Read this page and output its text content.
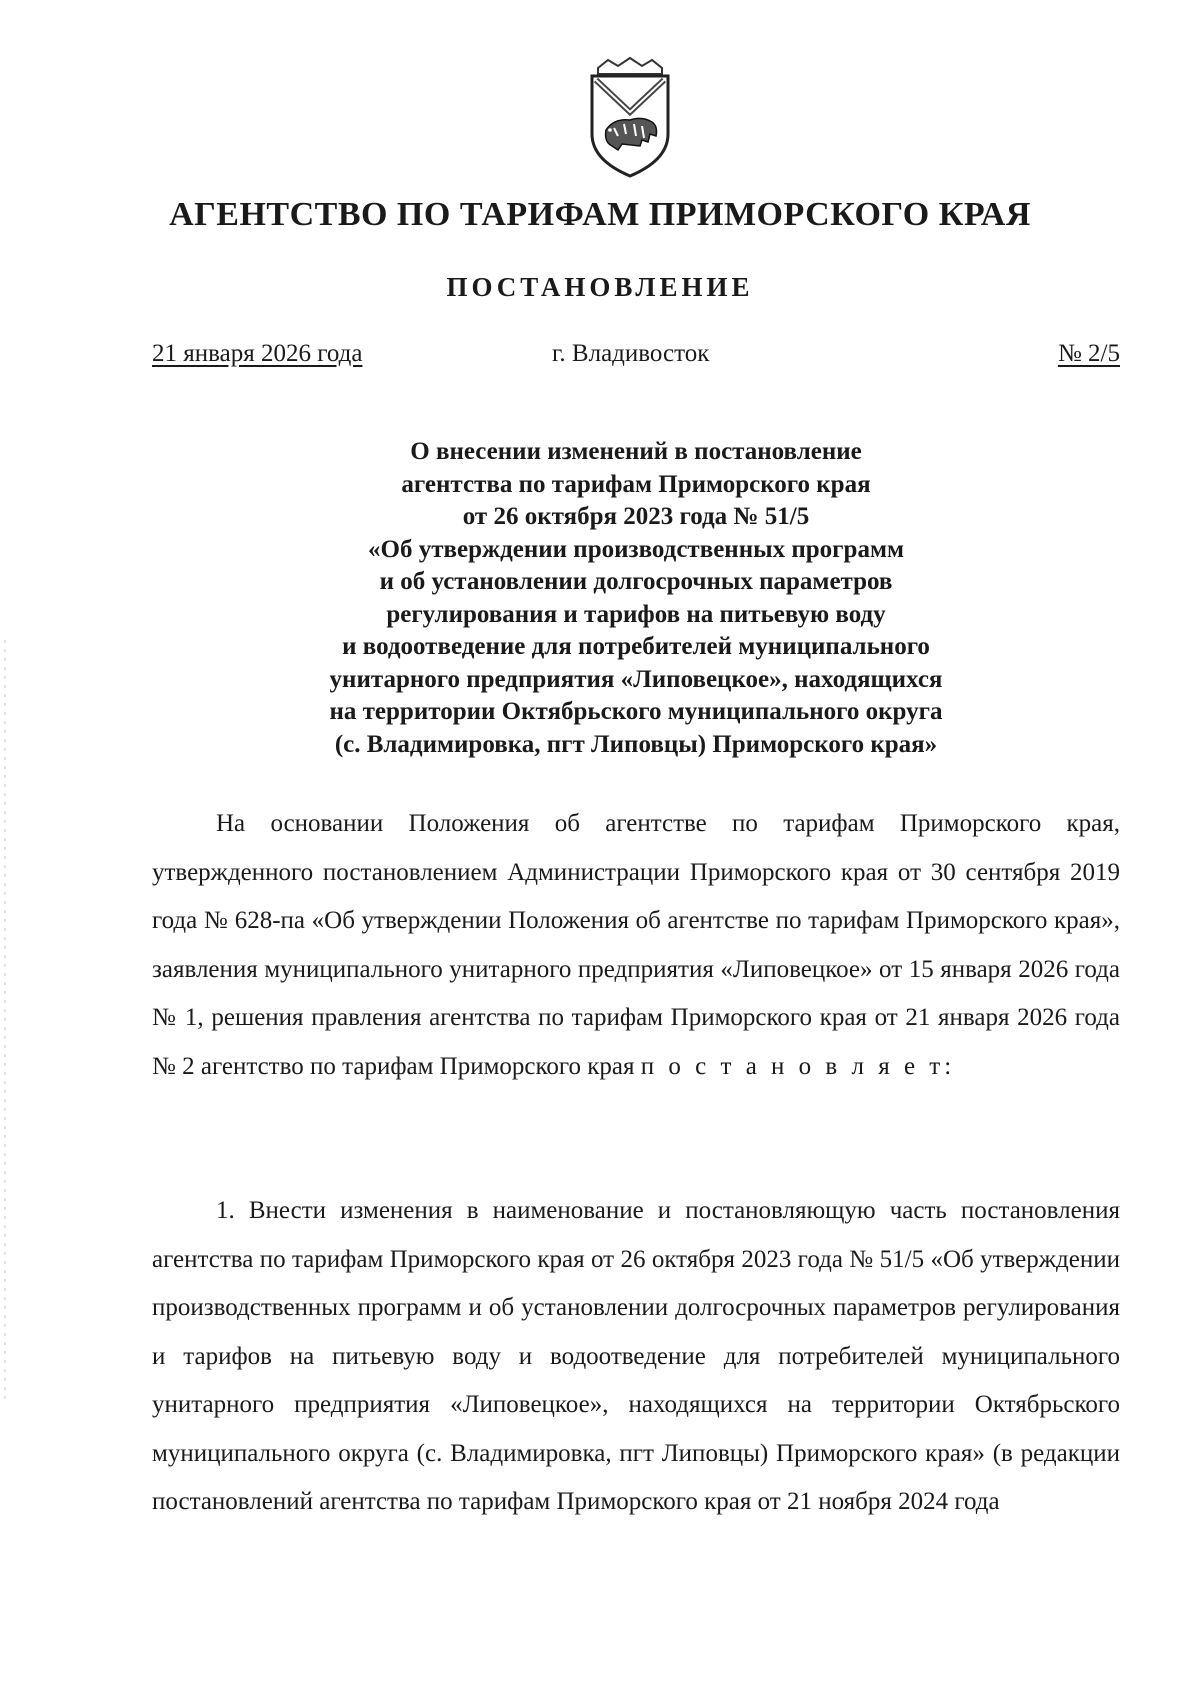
АГЕНТСТВО ПО ТАРИФАМ ПРИМОРСКОГО КРАЯ
ПОСТАНОВЛЕНИЕ
21 января 2026 года	г. Владивосток	№ 2/5

О внесении изменений в постановление
агентства по тарифам Приморского края
от 26 октября 2023 года № 51/5
«Об утверждении производственных программ
и об установлении долгосрочных параметров
регулирования и тарифов на питьевую воду
и водоотведение для потребителей муниципального
унитарного предприятия «Липовецкое», находящихся
на территории Октябрьского муниципального округа
(с. Владимировка, пгт Липовцы) Приморского края»

На основании Положения об агентстве по тарифам Приморского края, утвержденного постановлением Администрации Приморского края от 30 сентября 2019 года № 628-па «Об утверждении Положения об агентстве по тарифам Приморского края», заявления муниципального унитарного предприятия «Липовецкое» от 15 января 2026 года № 1, решения правления агентства по тарифам Приморского края от 21 января 2026 года № 2 агентство по тарифам Приморского края п о с т а н о в л я е т:

1. Внести изменения в наименование и постановляющую часть постановления агентства по тарифам Приморского края от 26 октября 2023 года № 51/5 «Об утверждении производственных программ и об установлении долгосрочных параметров регулирования и тарифов на питьевую воду и водоотведение для потребителей муниципального унитарного предприятия «Липовецкое», находящихся на территории Октябрьского муниципального округа (с. Владимировка, пгт Липовцы) Приморского края» (в редакции постановлений агентства по тарифам Приморского края от 21 ноября 2024 года
